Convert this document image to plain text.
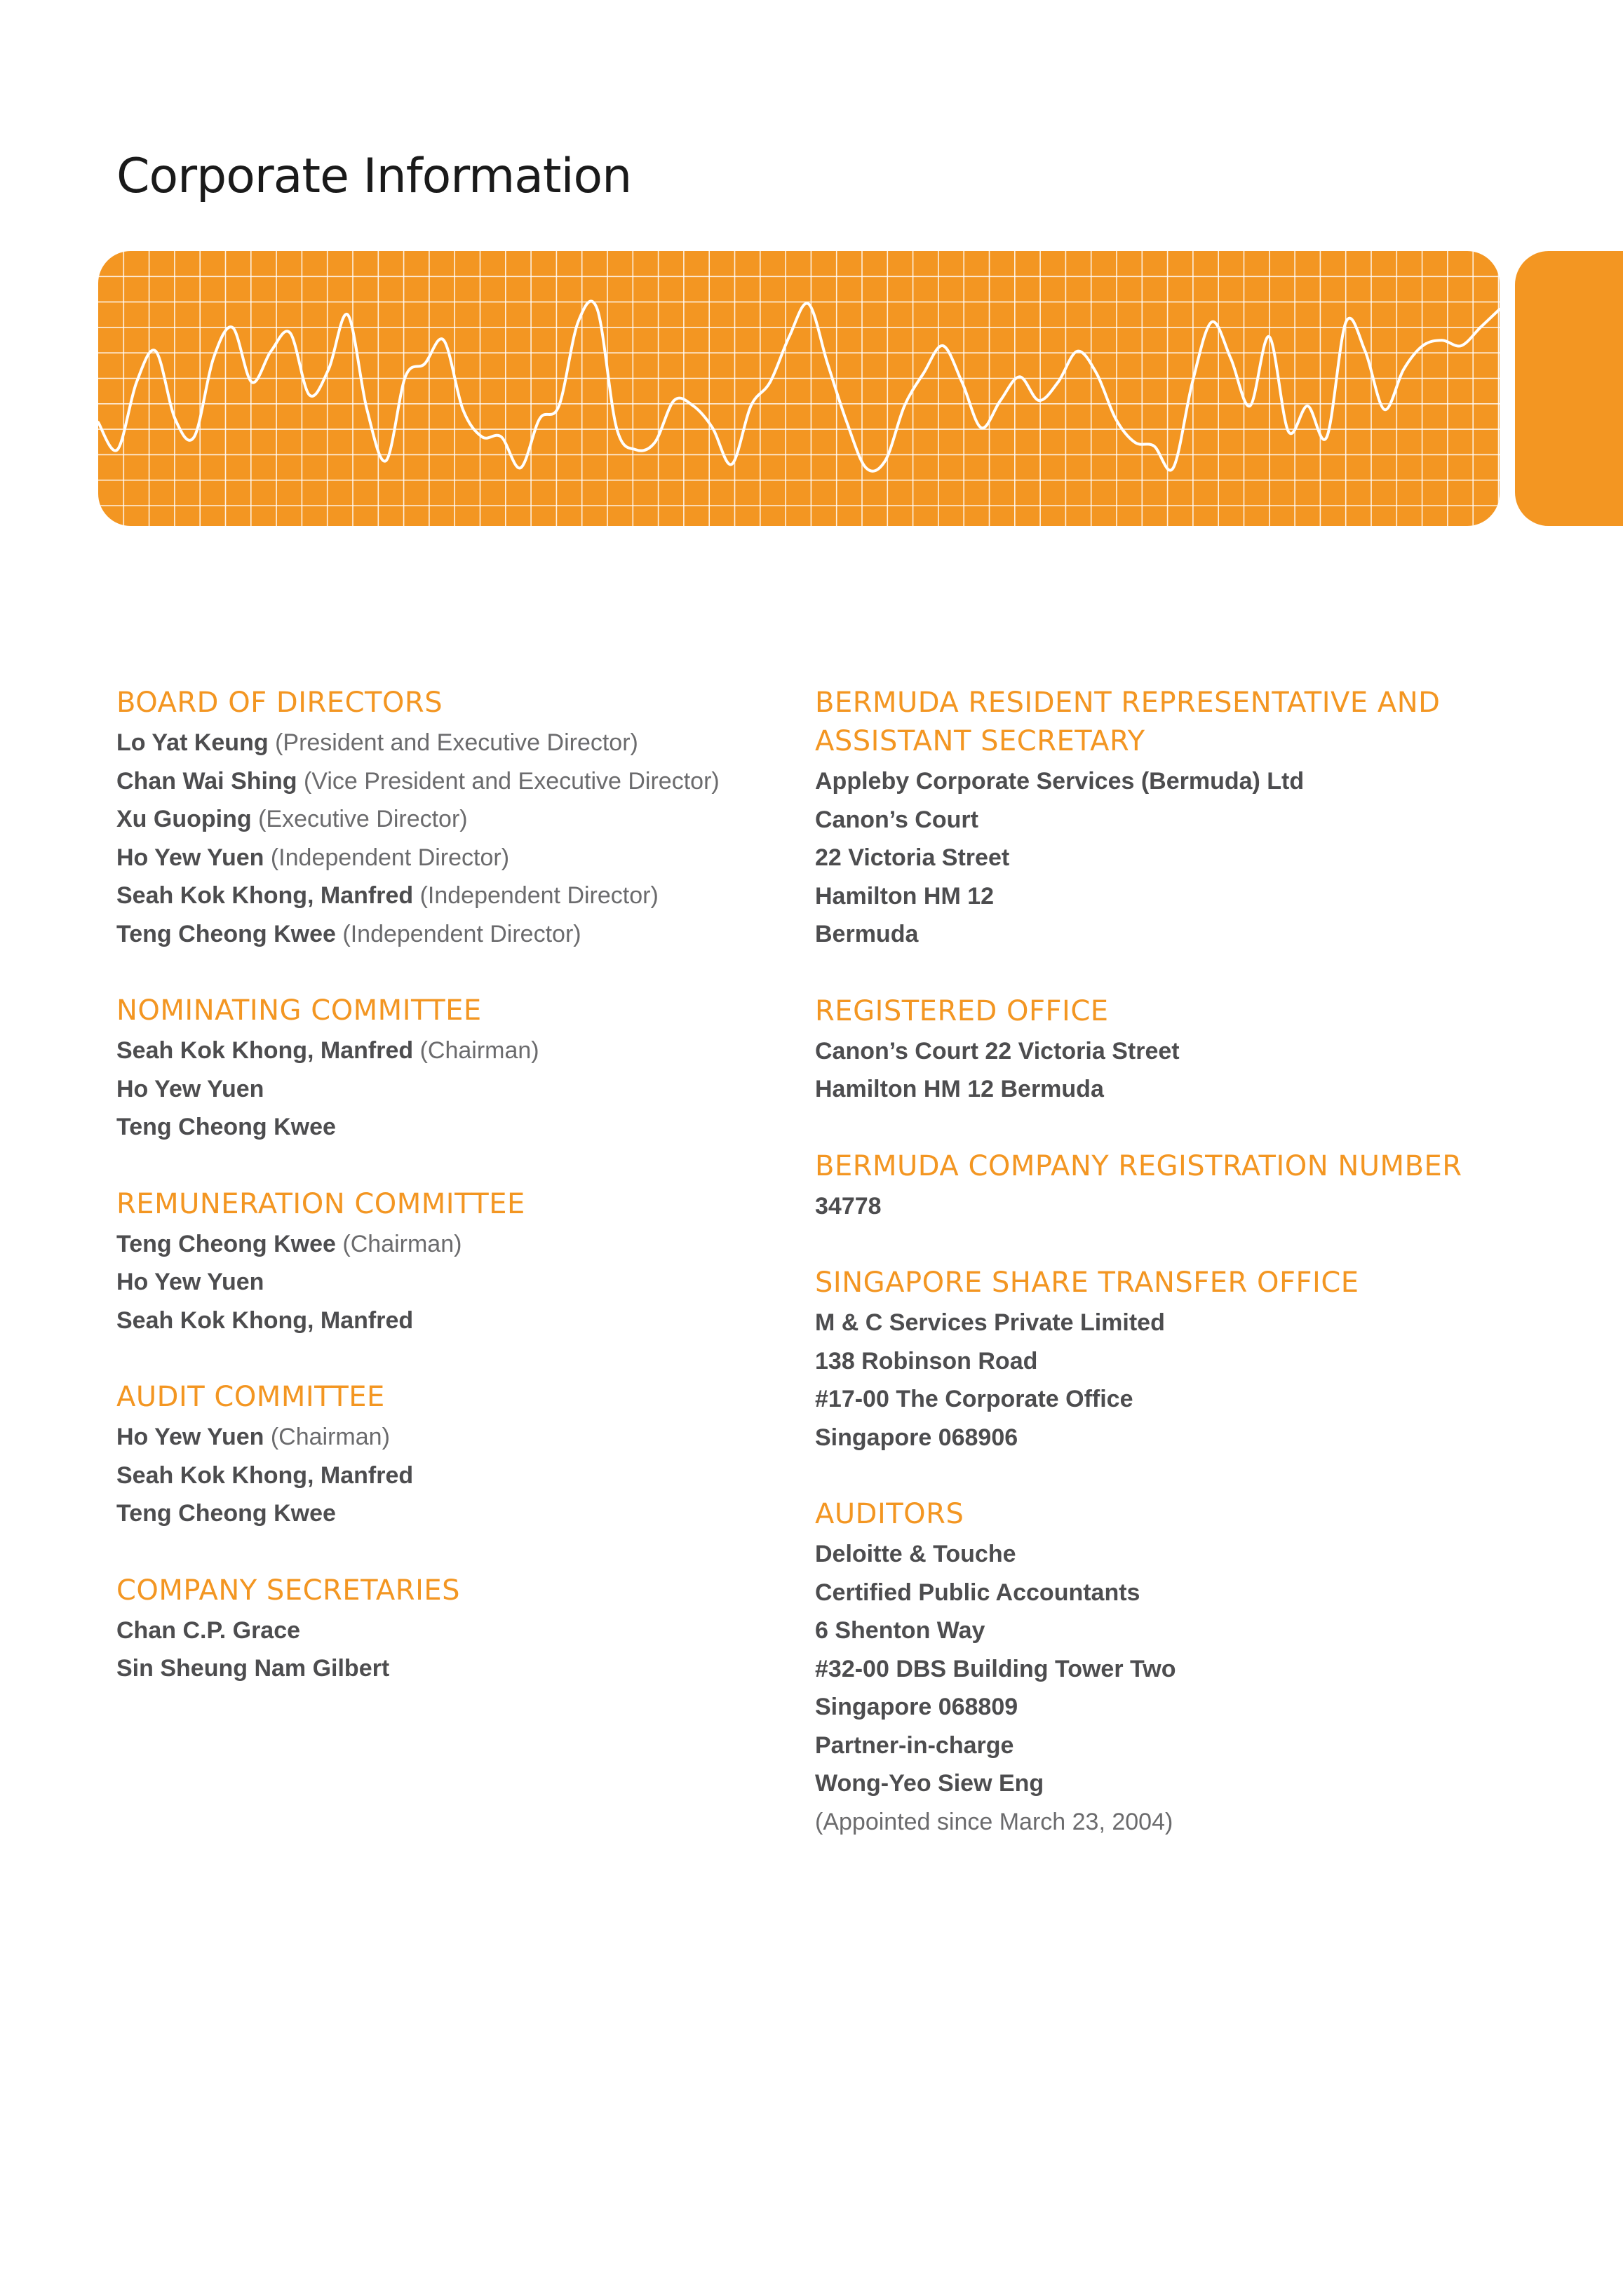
Corporate Information
BOARD OF DIRECTORS
Lo Yat Keung (President and Executive Director)
Chan Wai Shing (Vice President and Executive Director)
Xu Guoping (Executive Director)
Ho Yew Yuen (Independent Director)
Seah Kok Khong, Manfred (Independent Director)
Teng Cheong Kwee (Independent Director)
NOMINATING COMMITTEE
Seah Kok Khong, Manfred (Chairman)
Ho Yew Yuen
Teng Cheong Kwee
REMUNERATION COMMITTEE
Teng Cheong Kwee (Chairman)
Ho Yew Yuen
Seah Kok Khong, Manfred
AUDIT COMMITTEE
Ho Yew Yuen (Chairman)
Seah Kok Khong, Manfred
Teng Cheong Kwee
COMPANY SECRETARIES
Chan C.P. Grace
Sin Sheung Nam Gilbert
BERMUDA RESIDENT REPRESENTATIVE AND
ASSISTANT SECRETARY
Appleby Corporate Services (Bermuda) Ltd
Canon’s Court
22 Victoria Street
Hamilton HM 12
Bermuda
REGISTERED OFFICE
Canon’s Court 22 Victoria Street
Hamilton HM 12 Bermuda
BERMUDA COMPANY REGISTRATION NUMBER
34778
SINGAPORE SHARE TRANSFER OFFICE
M & C Services Private Limited
138 Robinson Road
#17-00 The Corporate Office
Singapore 068906
AUDITORS
Deloitte & Touche
Certified Public Accountants
6 Shenton Way
#32-00 DBS Building Tower Two
Singapore 068809
Partner-in-charge
Wong-Yeo Siew Eng
(Appointed since March 23, 2004)
